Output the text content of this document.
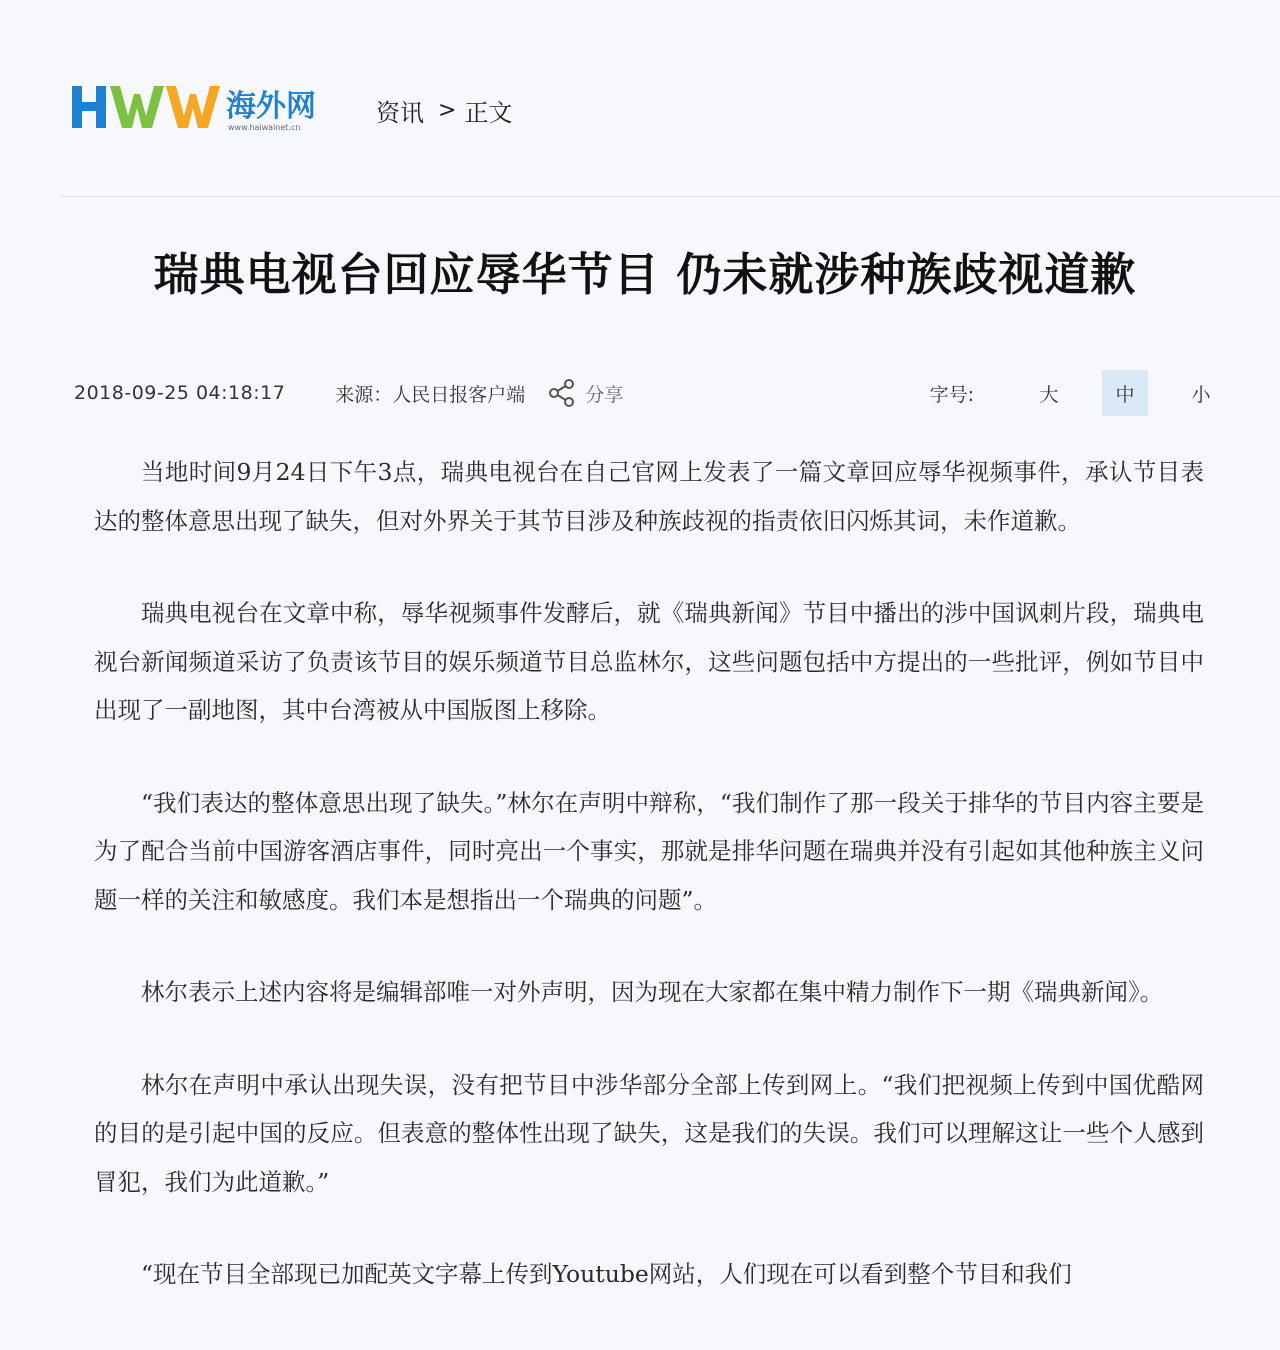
海外网
www.haiwainet.cn
资讯 > 正文
瑞典电视台回应辱华节目 仍未就涉种族歧视道歉
2018-09-25 04:18:17	来源：人民日报客户端	分享	字号:	大	中	小

当地时间9月24日下午3点，瑞典电视台在自己官网上发表了一篇文章回应辱华视频事件，承认节目表达的整体意思出现了缺失，但对外界关于其节目涉及种族歧视的指责依旧闪烁其词，未作道歉。

瑞典电视台在文章中称，辱华视频事件发酵后，就《瑞典新闻》节目中播出的涉中国讽刺片段，瑞典电视台新闻频道采访了负责该节目的娱乐频道节目总监林尔，这些问题包括中方提出的一些批评，例如节目中出现了一副地图，其中台湾被从中国版图上移除。

“我们表达的整体意思出现了缺失。”林尔在声明中辩称，“我们制作了那一段关于排华的节目内容主要是为了配合当前中国游客酒店事件，同时亮出一个事实，那就是排华问题在瑞典并没有引起如其他种族主义问题一样的关注和敏感度。我们本是想指出一个瑞典的问题”。

林尔表示上述内容将是编辑部唯一对外声明，因为现在大家都在集中精力制作下一期《瑞典新闻》。

林尔在声明中承认出现失误，没有把节目中涉华部分全部上传到网上。“我们把视频上传到中国优酷网的目的是引起中国的反应。但表意的整体性出现了缺失，这是我们的失误。我们可以理解这让一些个人感到冒犯，我们为此道歉。”

“现在节目全部现已加配英文字幕上传到Youtube网站，人们现在可以看到整个节目和我们
